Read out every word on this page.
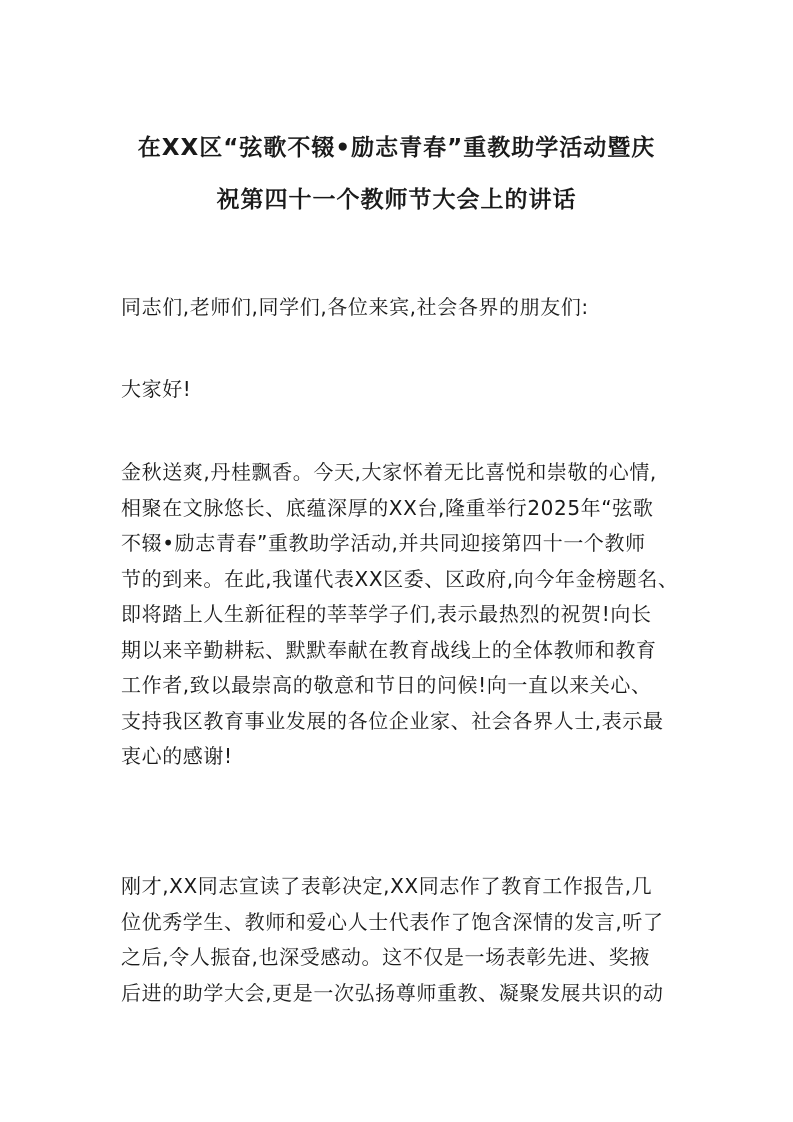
在XX区“弦歌不辍•励志青春”重教助学活动暨庆
祝第四十一个教师节大会上的讲话
同志们,老师们,同学们,各位来宾,社会各界的朋友们:
大家好!
金秋送爽,丹桂飘香。今天,大家怀着无比喜悦和崇敬的心情,
相聚在文脉悠长、底蕴深厚的XX台,隆重举行2025年“弦歌
不辍•励志青春”重教助学活动,并共同迎接第四十一个教师
节的到来。在此,我谨代表XX区委、区政府,向今年金榜题名、
即将踏上人生新征程的莘莘学子们,表示最热烈的祝贺!向长
期以来辛勤耕耘、默默奉献在教育战线上的全体教师和教育
工作者,致以最崇高的敬意和节日的问候!向一直以来关心、
支持我区教育事业发展的各位企业家、社会各界人士,表示最
衷心的感谢!
刚才,XX同志宣读了表彰决定,XX同志作了教育工作报告,几
位优秀学生、教师和爱心人士代表作了饱含深情的发言,听了
之后,令人振奋,也深受感动。这不仅是一场表彰先进、奖掖
后进的助学大会,更是一次弘扬尊师重教、凝聚发展共识的动
